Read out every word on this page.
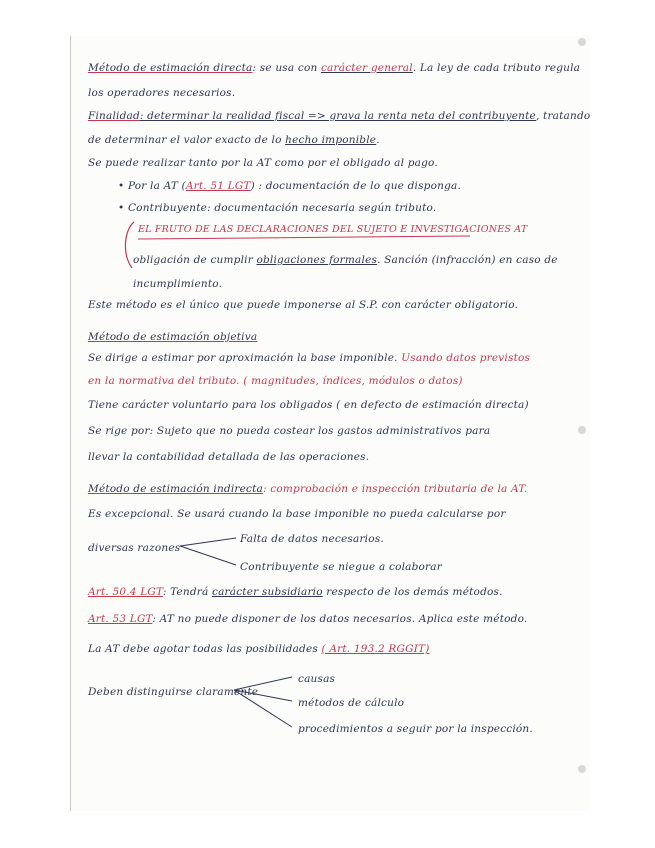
Método de estimación directa: se usa con carácter general. La ley de cada tributo regula
los operadores necesarios.
Finalidad: determinar la realidad fiscal => grava la renta neta del contribuyente, tratando
de determinar el valor exacto de lo hecho imponible.
Se puede realizar tanto por la AT como por el obligado al pago.
• Por la AT (Art. 51 LGT) : documentación de lo que disponga.
• Contribuyente: documentación necesaria según tributo.
EL FRUTO DE LAS DECLARACIONES DEL SUJETO E INVESTIGACIONES AT
obligación de cumplir obligaciones formales. Sanción (infracción) en caso de
incumplimiento.
Este método es el único que puede imponerse al S.P. con carácter obligatorio.
Método de estimación objetiva
Se dirige a estimar por aproximación la base imponible. Usando datos previstos
en la normativa del tributo. ( magnitudes, índices, módulos o datos)
Tiene carácter voluntario para los obligados ( en defecto de estimación directa)
Se rige por: Sujeto que no pueda costear los gastos administrativos para
llevar la contabilidad detallada de las operaciones.
Método de estimación indirecta: comprobación e inspección tributaria de la AT.
Es excepcional. Se usará cuando la base imponible no pueda calcularse por
diversas razones
Falta de datos necesarios.
Contribuyente se niegue a colaborar
Art. 50.4 LGT: Tendrá carácter subsidiario respecto de los demás métodos.
Art. 53 LGT: AT no puede disponer de los datos necesarios. Aplica este método.
La AT debe agotar todas las posibilidades ( Art. 193.2 RGGIT)
Deben distinguirse claramente
causas
métodos de cálculo
procedimientos a seguir por la inspección.
